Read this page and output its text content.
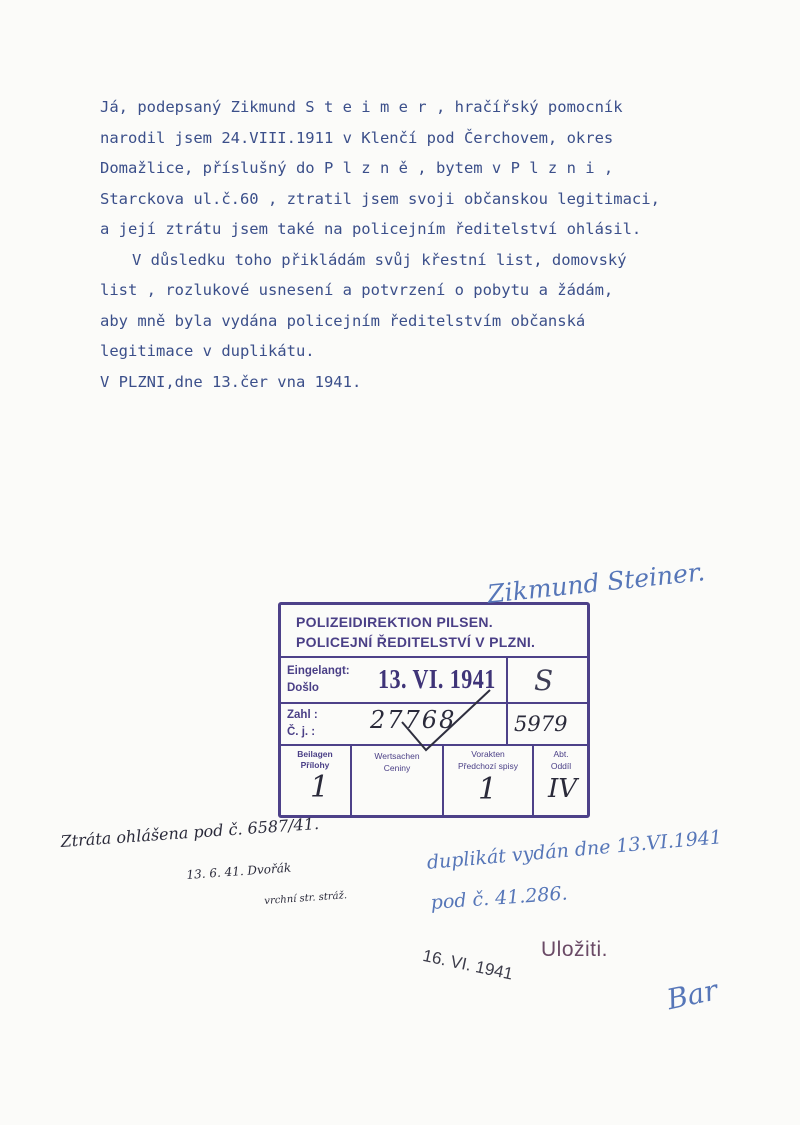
Já, podepsaný Zikmund S t e i m e r , hrаčířský pomocník
narodil jsem 24.VIII.1911 v Klenčí pod Čerchovem, okres
Domažlice, příslušný do P l z n ě , bytem v P l z n i ,
Starckova ul.č.60 , ztratil jsem svoji občanskou legitimaci,
a její ztrátu jsem také na policejním ředitelství ohlásil.
V důsledku toho přikládám svůj křestní list, domovský
list , rozlukové usnesení a potvrzení o pobytu a žádám,
aby mně byla vydána policejním ředitelstvím občanská
legitimace v duplikátu.
V PLZNI,dne 13.čer vna 1941.
POLIZEIDIREKTION PILSEN.
POLICEJNÍ ŘEDITELSTVÍ V PLZNI.
Eingelangt:
Došlo 13. VI. 1941 S
Zahl :
Č. j. : 27768	5979
Beilagen
Přílohy
Wertsachen
Ceniny
Vorakten
Předchozí spisy
Abt.
Oddíl
1	1 IV
Zikmund Steiner.
Ztráta ohlášena pod č. 6587/41.
13. 6. 41. Dvořák
vrchní str. stráž.
duplikát vydán dne 13.VI.1941
pod č. 41.286.
Uložiti.
16. VI. 1941
Bar
